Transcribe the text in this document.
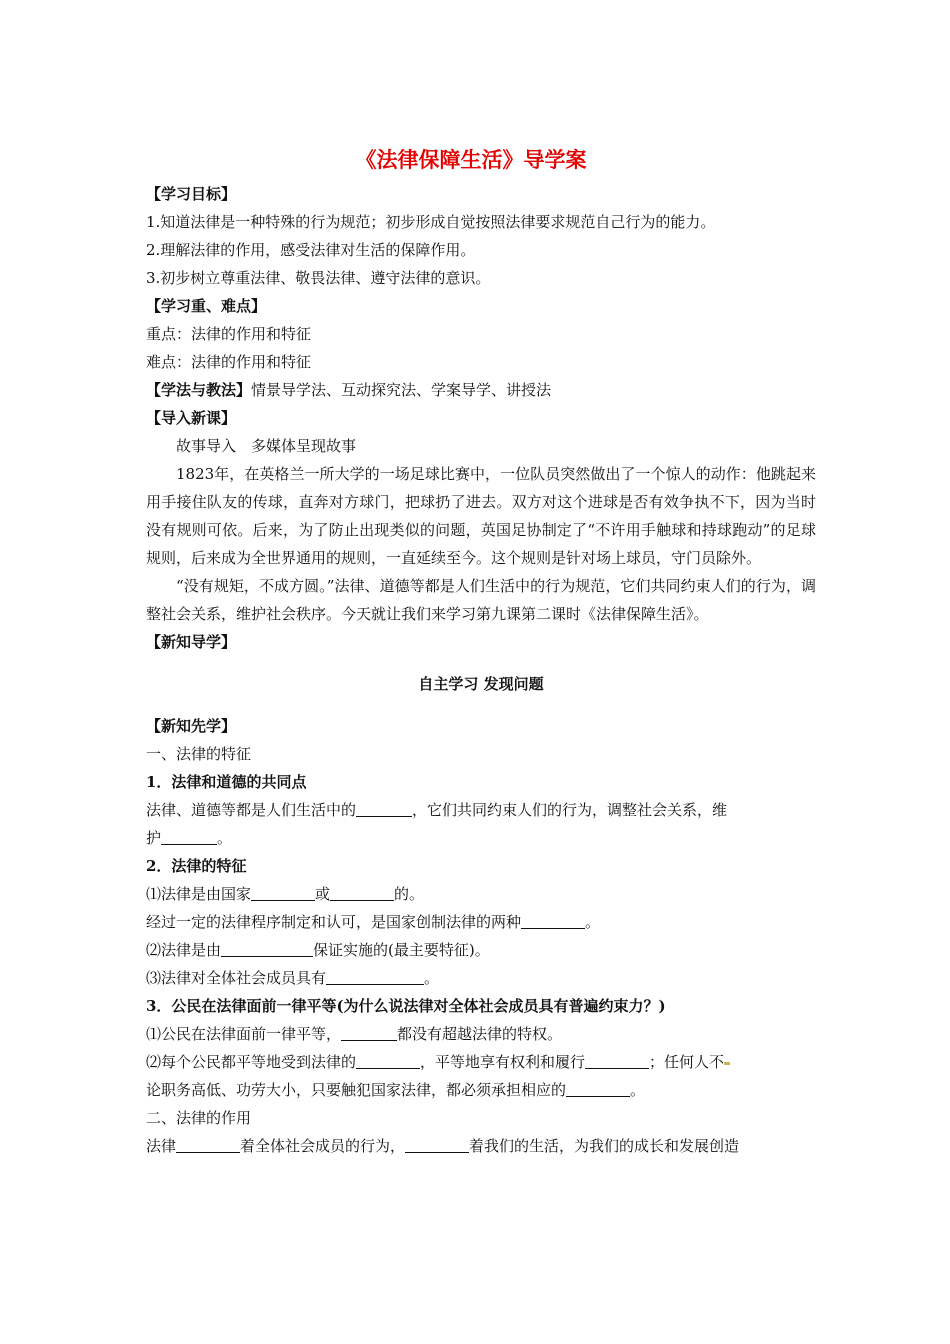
《法律保障生活》导学案
【学习目标】
1.知道法律是一种特殊的行为规范；初步形成自觉按照法律要求规范自己行为的能力。
2.理解法律的作用，感受法律对生活的保障作用。
3.初步树立尊重法律、敬畏法律、遵守法律的意识。
【学习重、难点】
重点：法律的作用和特征
难点：法律的作用和特征
【学法与教法】情景导学法、互动探究法、学案导学、讲授法
【导入新课】
故事导入　多媒体呈现故事
1823年，在英格兰一所大学的一场足球比赛中，一位队员突然做出了一个惊人的动作：他跳起来用手接住队友的传球，直奔对方球门，把球扔了进去。双方对这个进球是否有效争执不下，因为当时没有规则可依。后来，为了防止出现类似的问题，英国足协制定了“不许用手触球和持球跑动”的足球规则，后来成为全世界通用的规则，一直延续至今。这个规则是针对场上球员，守门员除外。
“没有规矩，不成方圆。”法律、道德等都是人们生活中的行为规范，它们共同约束人们的行为，调整社会关系，维护社会秩序。今天就让我们来学习第九课第二课时《法律保障生活》。
【新知导学】
自主学习 发现问题
【新知先学】
一、法律的特征
1．法律和道德的共同点
法律、道德等都是人们生活中的	，它们共同约束人们的行为，调整社会关系，维
护	。
2．法律的特征
⑴法律是由国家	或	的。
经过一定的法律程序制定和认可，是国家创制法律的两种	。
⑵法律是由	保证实施的(最主要特征)。
⑶法律对全体社会成员具有	。
3．公民在法律面前一律平等(为什么说法律对全体社会成员具有普遍约束力？)
⑴公民在法律面前一律平等，	都没有超越法律的特权。
⑵每个公民都平等地受到法律的	，平等地享有权利和履行	；任何人不
论职务高低、功劳大小，只要触犯国家法律，都必须承担相应的	。
二、法律的作用
法律	着全体社会成员的行为，	着我们的生活，为我们的成长和发展创造
